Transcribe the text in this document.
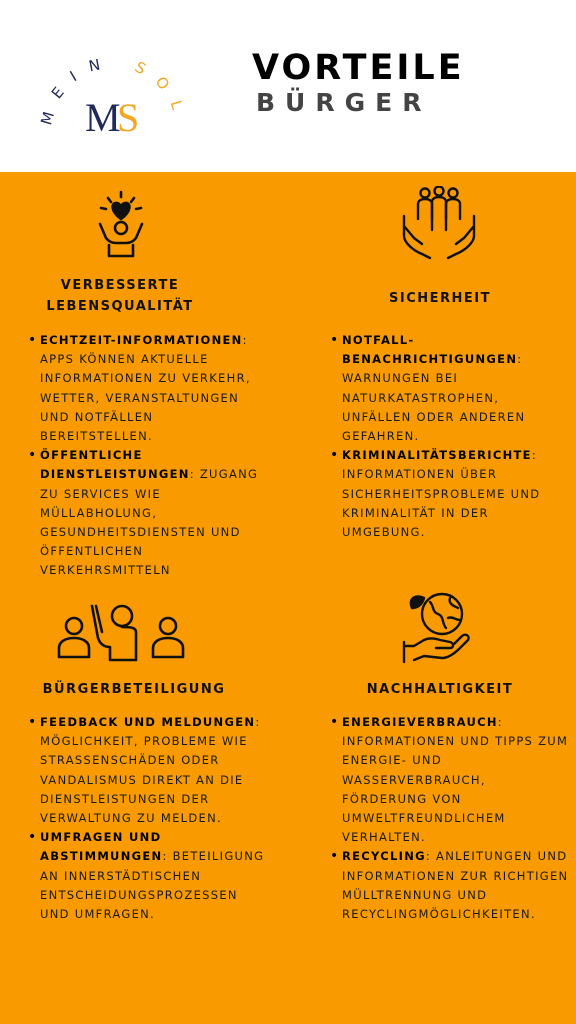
MEIN SOL
M
S
VORTEILE
BÜRGER
VERBESSERTE
LEBENSQUALITÄT
• ECHTZEIT-INFORMATIONEN: APPS KÖNNEN AKTUELLE INFORMATIONEN ZU VERKEHR, WETTER, VERANSTALTUNGEN UND NOTFÄLLEN BEREITSTELLEN.
• ÖFFENTLICHE DIENSTLEISTUNGEN: ZUGANG ZU SERVICES WIE MÜLLABHOLUNG, GESUNDHEITSDIENSTEN UND ÖFFENTLICHEN VERKEHRSMITTELN
SICHERHEIT
• NOTFALL-BENACHRICHTIGUNGEN: WARNUNGEN BEI NATURKATASTROPHEN, UNFÄLLEN ODER ANDEREN GEFAHREN.
• KRIMINALITÄTSBERICHTE: INFORMATIONEN ÜBER SICHERHEITSPROBLEME UND KRIMINALITÄT IN DER UMGEBUNG.
BÜRGERBETEILIGUNG
• FEEDBACK UND MELDUNGEN: MÖGLICHKEIT, PROBLEME WIE STRASSENSCHÄDEN ODER VANDALISMUS DIREKT AN DIE DIENSTLEISTUNGEN DER VERWALTUNG ZU MELDEN.
• UMFRAGEN UND ABSTIMMUNGEN: BETEILIGUNG AN INNERSTÄDTISCHEN ENTSCHEIDUNGSPROZESSEN UND UMFRAGEN.
NACHHALTIGKEIT
• ENERGIEVERBRAUCH: INFORMATIONEN UND TIPPS ZUM ENERGIE- UND WASSERVERBRAUCH, FÖRDERUNG VON UMWELTFREUNDLICHEM VERHALTEN.
• RECYCLING: ANLEITUNGEN UND INFORMATIONEN ZUR RICHTIGEN MÜLLTRENNUNG UND RECYCLINGMÖGLICHKEITEN.
